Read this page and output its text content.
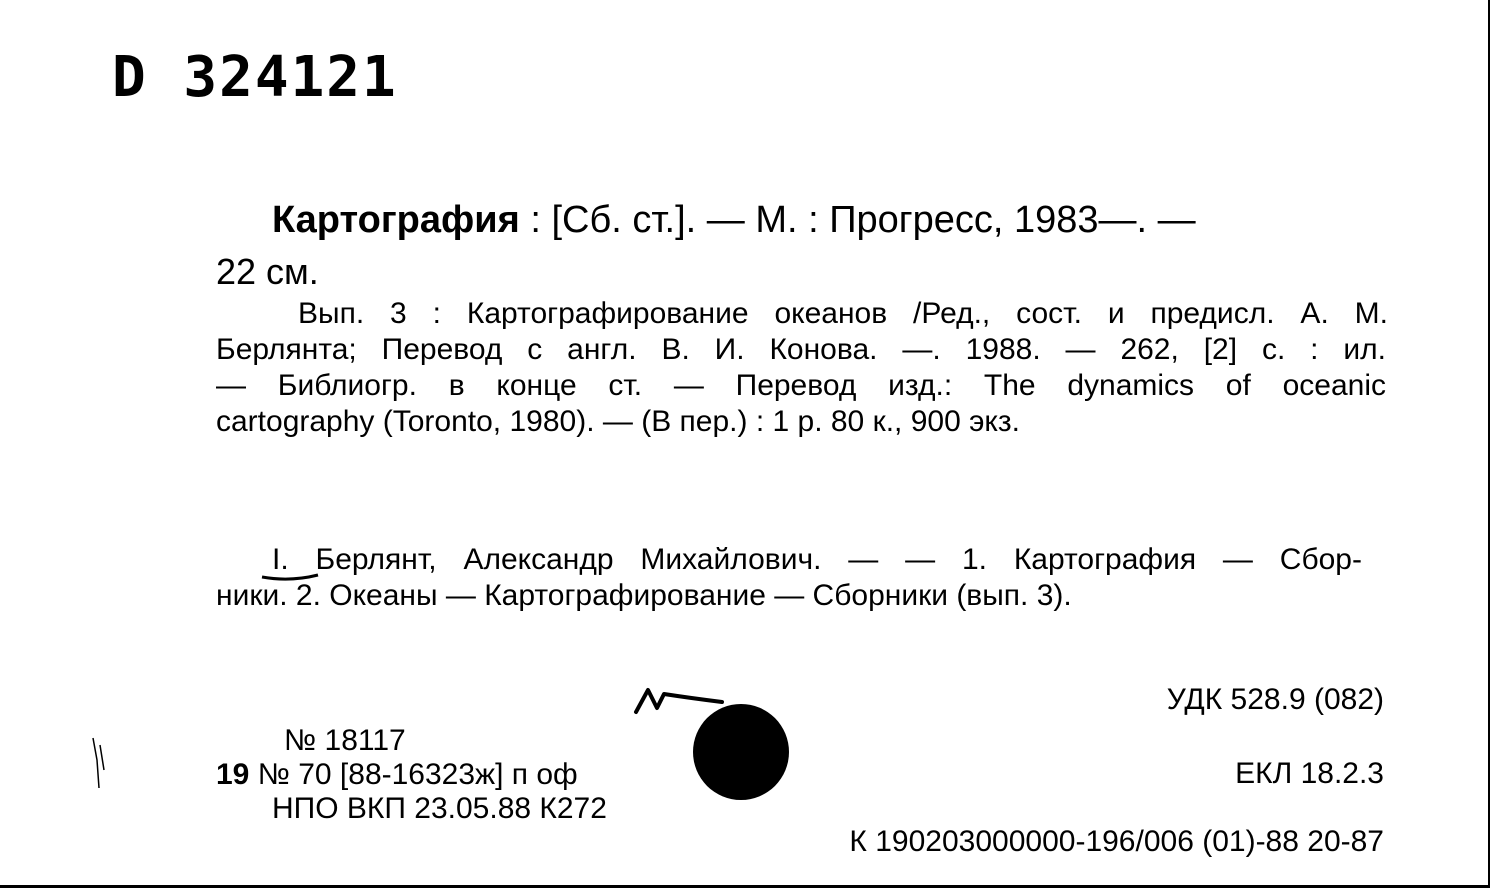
D 324121
Картография : [Сб. ст.]. — М. : Прогресс, 1983—. —
22 см.
Вып. 3 : Картографирование океанов /Ред., сост. и предисл. А. М.
Берлянта; Перевод с англ. В. И. Конова. —. 1988. — 262, [2] с. : ил.
— Библиогр. в конце ст. — Перевод изд.: The dynamics of oceanic
cartography (Toronto, 1980). — (В пер.) : 1 р. 80 к., 900 экз.
I. Берлянт, Александр Михайлович. — — 1. Картография — Сбор-
ники. 2. Океаны — Картографирование — Сборники (вып. 3).
УДК 528.9 (082)
ЕКЛ 18.2.3
К 190203000000-196/006 (01)-88 20-87
№ 18117
19 № 70 [88-16323ж] п оф
НПО ВКП 23.05.88 К272
